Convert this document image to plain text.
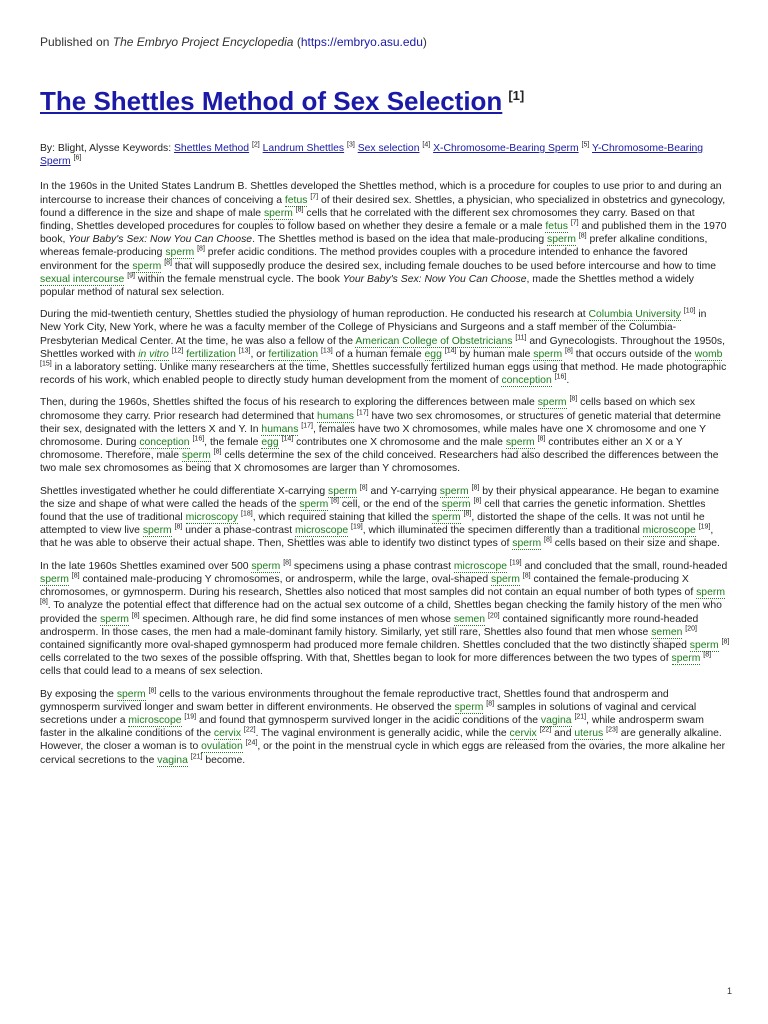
Published on The Embryo Project Encyclopedia (https://embryo.asu.edu)
The Shettles Method of Sex Selection [1]

By: Blight, Alysse Keywords: Shettles Method [2] Landrum Shettles [3] Sex selection [4] X-Chromosome-Bearing Sperm [5] Y-Chromosome-Bearing Sperm [6]

In the 1960s in the United States Landrum B. Shettles developed the Shettles method, which is a procedure for couples to use prior to and during an intercourse to increase their chances of conceiving a fetus [7] of their desired sex. Shettles, a physician, who specialized in obstetrics and gynecology, found a difference in the size and shape of male sperm [8] cells that he correlated with the different sex chromosomes they carry. Based on that finding, Shettles developed procedures for couples to follow based on whether they desire a female or a male fetus [7] and published them in the 1970 book, Your Baby's Sex: Now You Can Choose. The Shettles method is based on the idea that male-producing sperm [8] prefer alkaline conditions, whereas female-producing sperm [8] prefer acidic conditions. The method provides couples with a procedure intended to enhance the favored environment for the sperm [8] that will supposedly produce the desired sex, including female douches to be used before intercourse and how to time sexual intercourse [9] within the female menstrual cycle. The book Your Baby's Sex: Now You Can Choose, made the Shettles method a widely popular method of natural sex selection.

During the mid-twentieth century, Shettles studied the physiology of human reproduction. He conducted his research at Columbia University [10] in New York City, New York, where he was a faculty member of the College of Physicians and Surgeons and a staff member of the Columbia-Presbyterian Medical Center. At the time, he was also a fellow of the American College of Obstetricians [11] and Gynecologists. Throughout the 1950s, Shettles worked with in vitro [12] fertilization [13], or fertilization [13] of a human female egg [14] by human male sperm [8] that occurs outside of the womb [15] in a laboratory setting. Unlike many researchers at the time, Shettles successfully fertilized human eggs using that method. He made photographic records of his work, which enabled people to directly study human development from the moment of conception [16].

Then, during the 1960s, Shettles shifted the focus of his research to exploring the differences between male sperm [8] cells based on which sex chromosome they carry. Prior research had determined that humans [17] have two sex chromosomes, or structures of genetic material that determine their sex, designated with the letters X and Y. In humans [17], females have two X chromosomes, while males have one X chromosome and one Y chromosome. During conception [16], the female egg [14] contributes one X chromosome and the male sperm [8] contributes either an X or a Y chromosome. Therefore, male sperm [8] cells determine the sex of the child conceived. Researchers had also described the differences between the two male sex chromosomes as being that X chromosomes are larger than Y chromosomes.

Shettles investigated whether he could differentiate X-carrying sperm [8] and Y-carrying sperm [8] by their physical appearance. He began to examine the size and shape of what were called the heads of the sperm [8] cell, or the end of the sperm [8] cell that carries the genetic information. Shettles found that the use of traditional microscopy [18], which required staining that killed the sperm [8], distorted the shape of the cells. It was not until he attempted to view live sperm [8] under a phase-contrast microscope [19], which illuminated the specimen differently than a traditional microscope [19], that he was able to observe their actual shape. Then, Shettles was able to identify two distinct types of sperm [8] cells based on their size and shape.

In the late 1960s Shettles examined over 500 sperm [8] specimens using a phase contrast microscope [19] and concluded that the small, round-headed sperm [8] contained male-producing Y chromosomes, or androsperm, while the large, oval-shaped sperm [8] contained the female-producing X chromosomes, or gymnosperm. During his research, Shettles also noticed that most samples did not contain an equal number of both types of sperm [8]. To analyze the potential effect that difference had on the actual sex outcome of a child, Shettles began checking the family history of the men who provided the sperm [8] specimen. Although rare, he did find some instances of men whose semen [20] contained significantly more round-headed androsperm. In those cases, the men had a male-dominant family history. Similarly, yet still rare, Shettles also found that men whose semen [20] contained significantly more oval-shaped gymnosperm had produced more female children. Shettles concluded that the two distinctly shaped sperm [8] cells correlated to the two sexes of the possible offspring. With that, Shettles began to look for more differences between the two types of sperm [8] cells that could lead to a means of sex selection.

By exposing the sperm [8] cells to the various environments throughout the female reproductive tract, Shettles found that androsperm and gymnosperm survived longer and swam better in different environments. He observed the sperm [8] samples in solutions of vaginal and cervical secretions under a microscope [19] and found that gymnosperm survived longer in the acidic conditions of the vagina [21], while androsperm swam faster in the alkaline conditions of the cervix [22]. The vaginal environment is generally acidic, while the cervix [22] and uterus [23] are generally alkaline. However, the closer a woman is to ovulation [24], or the point in the menstrual cycle in which eggs are released from the ovaries, the more alkaline her cervical secretions to the vagina [21] become.

1
